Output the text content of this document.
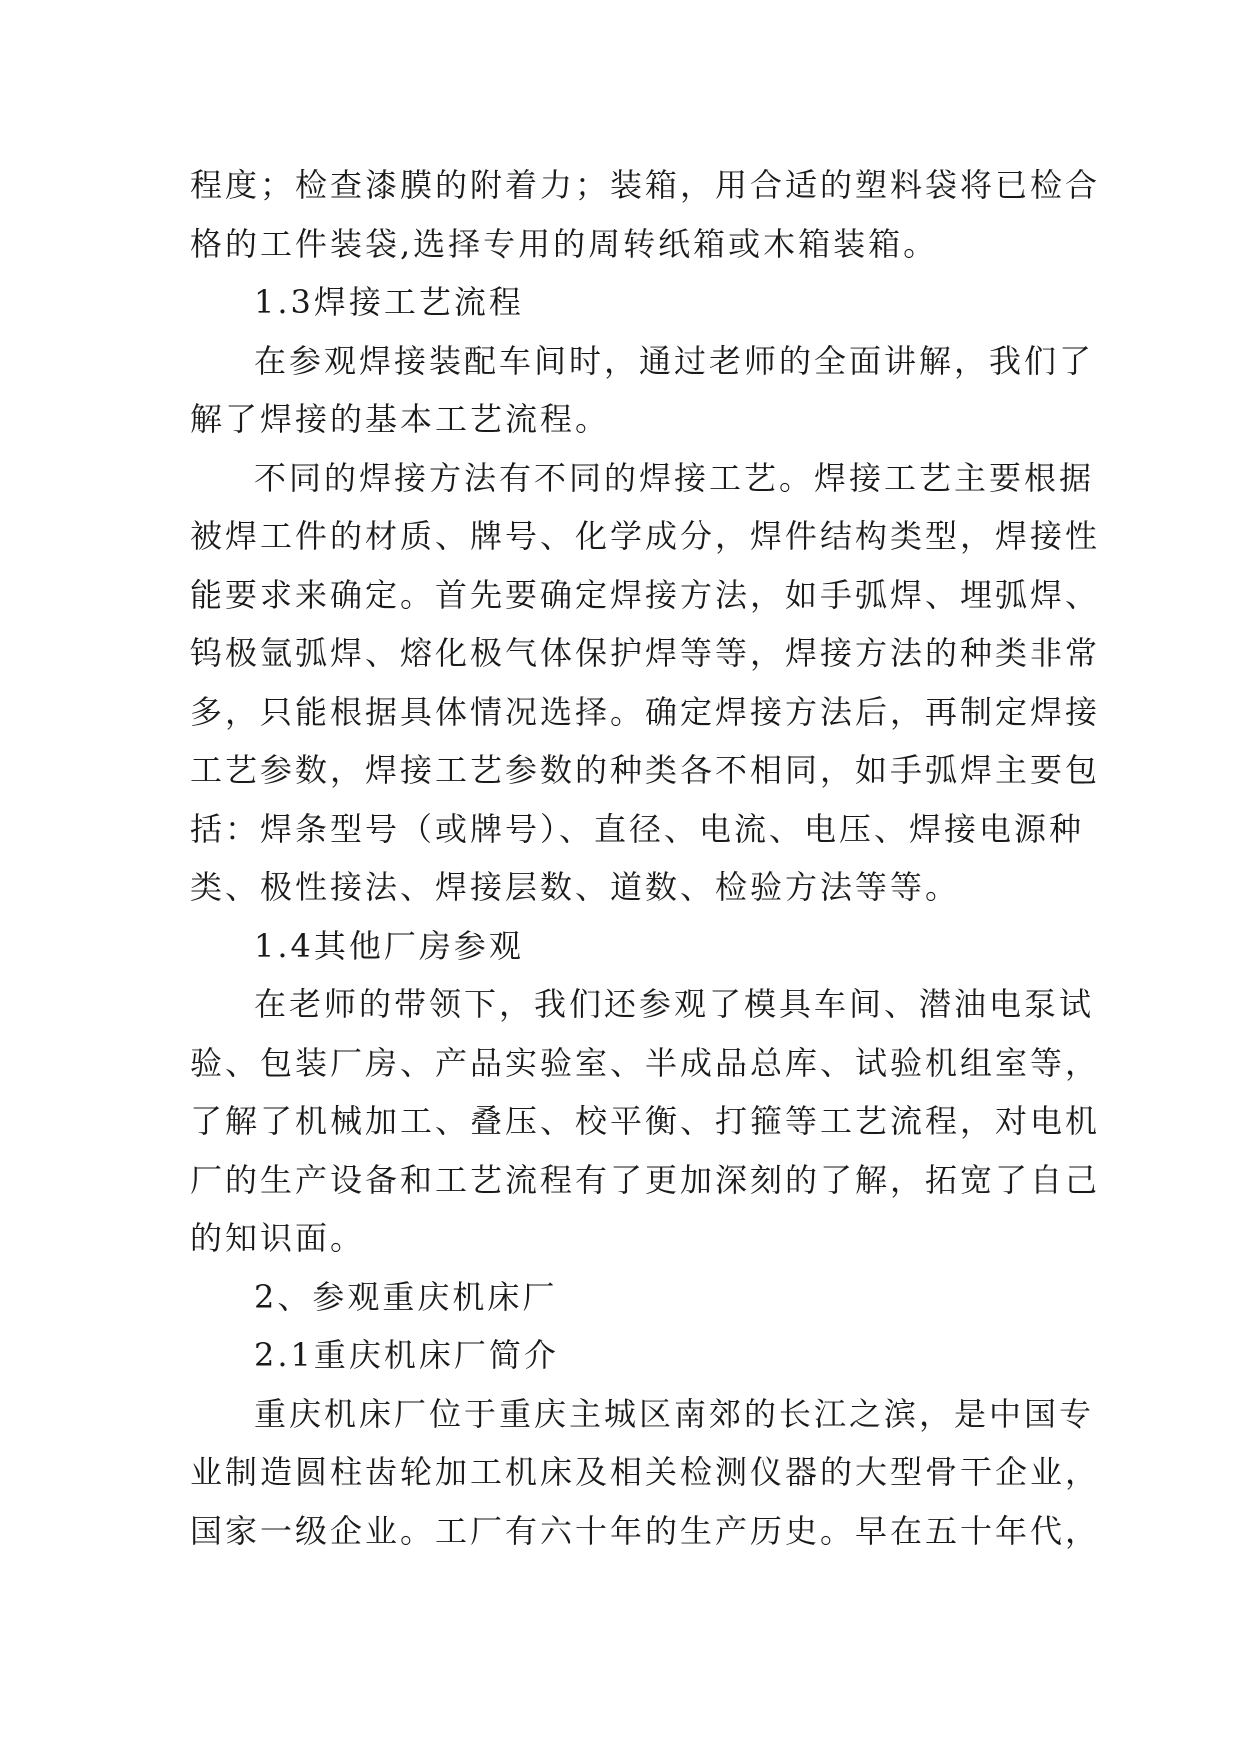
程度；检查漆膜的附着力；装箱，用合适的塑料袋将已检合
格的工件装袋,选择专用的周转纸箱或木箱装箱。
1.3焊接工艺流程
在参观焊接装配车间时，通过老师的全面讲解，我们了
解了焊接的基本工艺流程。
不同的焊接方法有不同的焊接工艺。焊接工艺主要根据
被焊工件的材质、牌号、化学成分，焊件结构类型，焊接性
能要求来确定。首先要确定焊接方法，如手弧焊、埋弧焊、
钨极氩弧焊、熔化极气体保护焊等等，焊接方法的种类非常
多，只能根据具体情况选择。确定焊接方法后，再制定焊接
工艺参数，焊接工艺参数的种类各不相同，如手弧焊主要包
括：焊条型号（或牌号）、直径、电流、电压、焊接电源种
类、极性接法、焊接层数、道数、检验方法等等。
1.4其他厂房参观
在老师的带领下，我们还参观了模具车间、潜油电泵试
验、包装厂房、产品实验室、半成品总库、试验机组室等，
了解了机械加工、叠压、校平衡、打箍等工艺流程，对电机
厂的生产设备和工艺流程有了更加深刻的了解，拓宽了自己
的知识面。
2、参观重庆机床厂
2.1重庆机床厂简介
重庆机床厂位于重庆主城区南郊的长江之滨，是中国专
业制造圆柱齿轮加工机床及相关检测仪器的大型骨干企业，
国家一级企业。工厂有六十年的生产历史。早在五十年代，
